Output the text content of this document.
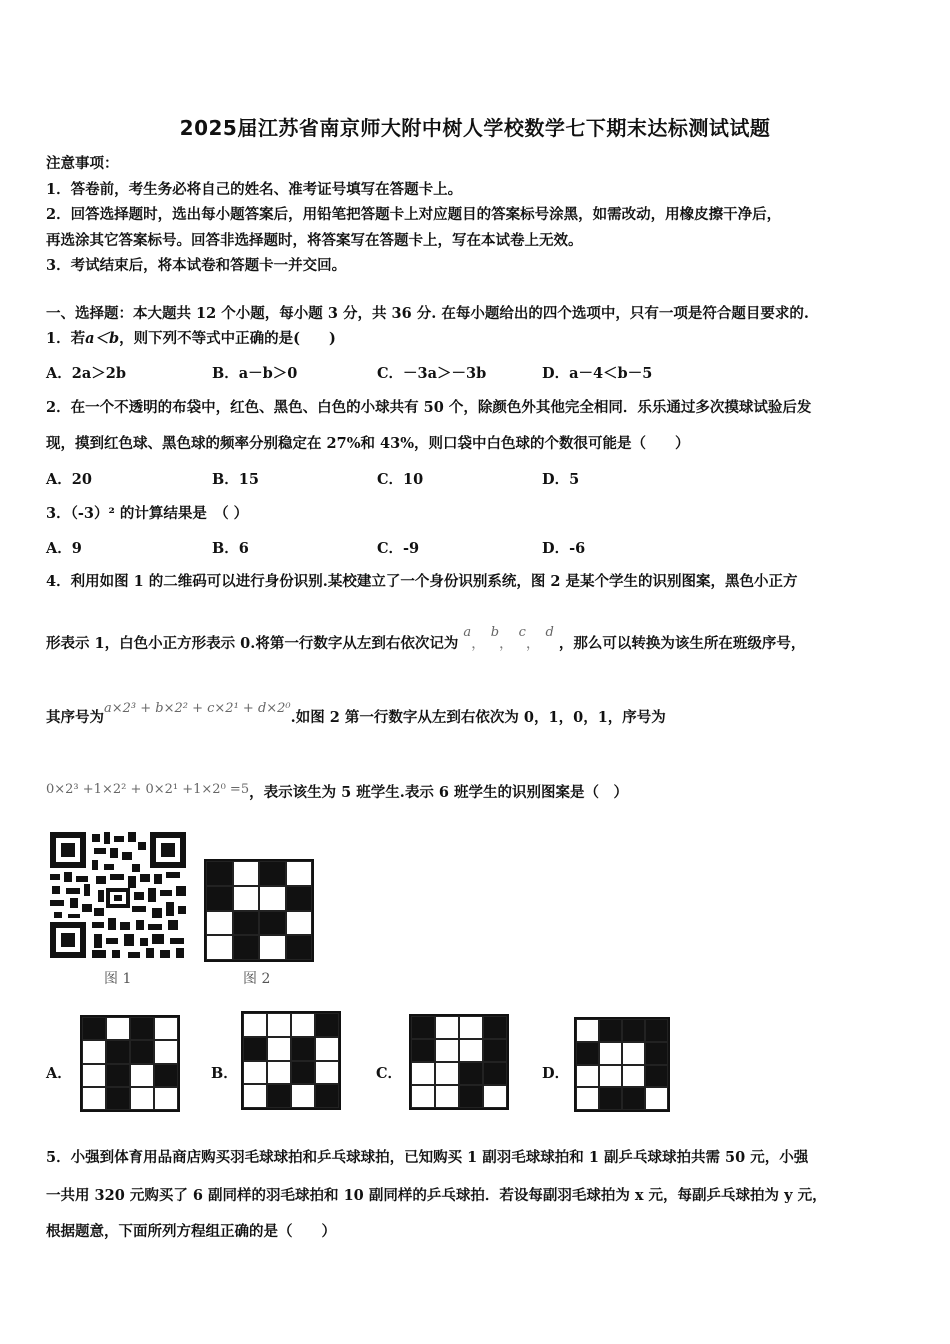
2025届江苏省南京师大附中树人学校数学七下期末达标测试试题
注意事项：
1．答卷前，考生务必将自己的姓名、准考证号填写在答题卡上。
2．回答选择题时，选出每小题答案后，用铅笔把答题卡上对应题目的答案标号涂黑，如需改动，用橡皮擦干净后，
再选涂其它答案标号。回答非选择题时，将答案写在答题卡上，写在本试卷上无效。
3．考试结束后，将本试卷和答题卡一并交回。
一、选择题：本大题共 12 个小题，每小题 3 分，共 36 分. 在每小题给出的四个选项中，只有一项是符合题目要求的.
1．若a＜b，则下列不等式中正确的是(　　)
A．2a＞2b	B．a－b＞0	C．－3a＞－3b	D．a－4＜b－5
2．在一个不透明的布袋中，红色、黑色、白色的小球共有 50 个，除颜色外其他完全相同．乐乐通过多次摸球试验后发
现，摸到红色球、黑色球的频率分别稳定在 27%和 43%，则口袋中白色球的个数很可能是（　　）
A．20	B．15	C．10	D．5
3．（-3）² 的计算结果是　（ ）
A．9	B．6	C．-9	D．-6
4．利用如图 1 的二维码可以进行身份识别.某校建立了一个身份识别系统，图 2 是某个学生的识别图案，黑色小正方
形表示 1，白色小正方形表示 0.将第一行数字从左到右依次记为 a， b， c， d ，那么可以转换为该生所在班级序号，
其序号为a×2³ + b×2² + c×2¹ + d×2⁰.如图 2 第一行数字从左到右依次为 0，1，0，1，序号为
0×2³ +1×2² + 0×2¹ +1×2⁰ =5，表示该生为 5 班学生.表示 6 班学生的识别图案是（　）
图 1	图 2
A．	B．	C．	D．
5．小强到体育用品商店购买羽毛球球拍和乒乓球球拍，已知购买 1 副羽毛球球拍和 1 副乒乓球球拍共需 50 元，小强
一共用 320 元购买了 6 副同样的羽毛球拍和 10 副同样的乒乓球拍．若设每副羽毛球拍为 x 元，每副乒乓球拍为 y 元，
根据题意，下面所列方程组正确的是（　　）
